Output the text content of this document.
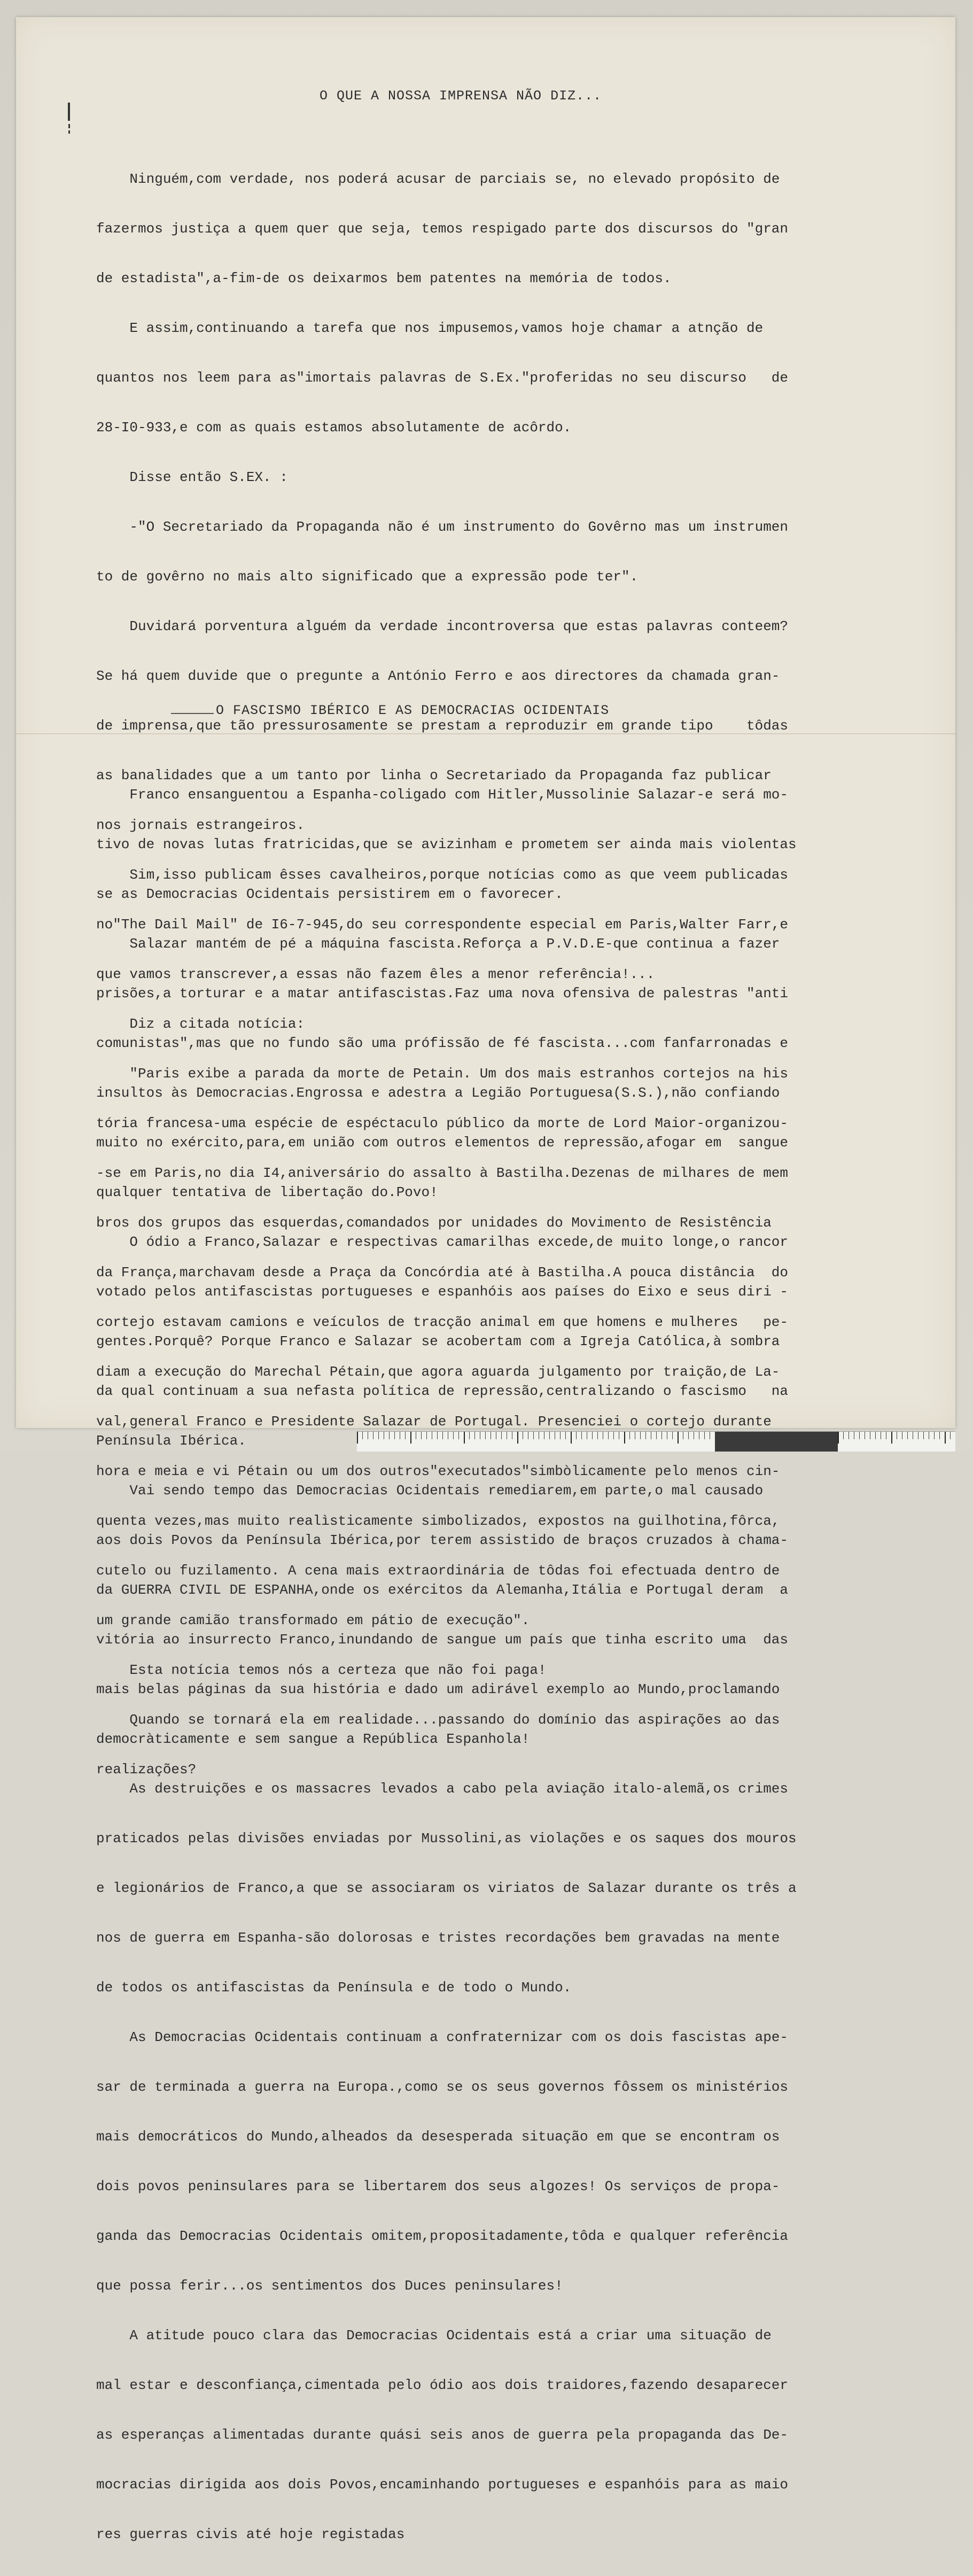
O QUE A NOSSA IMPRENSA NÃO DIZ...

Ninguém,com verdade, nos poderá acusar de parciais se, no elevado propósito de

fazermos justiça a quem quer que seja, temos respigado parte dos discursos do "gran

de estadista",a-fim-de os deixarmos bem patentes na memória de todos.

E assim,continuando a tarefa que nos impusemos,vamos hoje chamar a atnção de

quantos nos leem para as"imortais palavras de S.Ex."proferidas no seu discurso   de

28-I0-933,e com as quais estamos absolutamente de acôrdo.

Disse então S.EX. :

-"O Secretariado da Propaganda não é um instrumento do Govêrno mas um instrumen

to de govêrno no mais alto significado que a expressão pode ter".

Duvidará porventura alguém da verdade incontroversa que estas palavras conteem?

Se há quem duvide que o pregunte a António Ferro e aos directores da chamada gran-

de imprensa,que tão pressurosamente se prestam a reproduzir em grande tipo    tôdas

as banalidades que a um tanto por linha o Secretariado da Propaganda faz publicar

nos jornais estrangeiros.

Sim,isso publicam êsses cavalheiros,porque notícias como as que veem publicadas

no"The Dail Mail" de I6-7-945,do seu correspondente especial em Paris,Walter Farr,e

que vamos transcrever,a essas não fazem êles a menor referência!...

Diz a citada notícia:

"Paris exibe a parada da morte de Petain. Um dos mais estranhos cortejos na his

tória francesa-uma espécie de espéctaculo público da morte de Lord Maior-organizou-

-se em Paris,no dia I4,aniversário do assalto à Bastilha.Dezenas de milhares de mem

bros dos grupos das esquerdas,comandados por unidades do Movimento de Resistência

da França,marchavam desde a Praça da Concórdia até à Bastilha.A pouca distância  do

cortejo estavam camions e veículos de tracção animal em que homens e mulheres   pe-

diam a execução do Marechal Pétain,que agora aguarda julgamento por traição,de La-

val,general Franco e Presidente Salazar de Portugal. Presenciei o cortejo durante

hora e meia e vi Pétain ou um dos outros"executados"simbòlicamente pelo menos cin-

quenta vezes,mas muito realìsticamente simbolizados, expostos na guilhotina,fôrca,

cutelo ou fuzilamento. A cena mais extraordinária de tôdas foi efectuada dentro de

um grande camião transformado em pátio de execução".

Esta notícia temos nós a certeza que não foi paga!

Quando se tornará ela em realidade...passando do domínio das aspirações ao das

realizações?

O FASCISMO IBÉRICO E AS DEMOCRACIAS OCIDENTAIS

Franco ensanguentou a Espanha-coligado com Hitler,Mussolinie Salazar-e será mo-

tivo de novas lutas fratricidas,que se avizinham e prometem ser ainda mais violentas

se as Democracias Ocidentais persistirem em o favorecer.

Salazar mantém de pé a máquina fascista.Reforça a P.V.D.E-que continua a fazer

prisões,a torturar e a matar antifascistas.Faz uma nova ofensiva de palestras "anti

comunistas",mas que no fundo são uma prófissão de fé fascista...com fanfarronadas e

insultos às Democracias.Engrossa e adestra a Legião Portuguesa(S.S.),não confiando

muito no exército,para,em união com outros elementos de repressão,afogar em  sangue

qualquer tentativa de libertação do.Povo!

O ódio a Franco,Salazar e respectivas camarilhas excede,de muito longe,o rancor

votado pelos antifascistas portugueses e espanhóis aos países do Eixo e seus diri -

gentes.Porquê? Porque Franco e Salazar se acobertam com a Igreja Católica,à sombra

da qual continuam a sua nefasta política de repressão,centralizando o fascismo   na

Península Ibérica.

Vai sendo tempo das Democracias Ocidentais remediarem,em parte,o mal causado

aos dois Povos da Península Ibérica,por terem assistido de braços cruzados à chama-

da GUERRA CIVIL DE ESPANHA,onde os exércitos da Alemanha,Itália e Portugal deram  a

vitória ao insurrecto Franco,inundando de sangue um país que tinha escrito uma  das

mais belas páginas da sua história e dado um adirável exemplo ao Mundo,proclamando

democràticamente e sem sangue a República Espanhola!

As destruições e os massacres levados a cabo pela aviação italo-alemã,os crimes

praticados pelas divisões enviadas por Mussolini,as violações e os saques dos mouros

e legionários de Franco,a que se associaram os viriatos de Salazar durante os três a

nos de guerra em Espanha-são dolorosas e tristes recordações bem gravadas na mente

de todos os antifascistas da Península e de todo o Mundo.

As Democracias Ocidentais continuam a confraternizar com os dois fascistas ape-

sar de terminada a guerra na Europa.,como se os seus governos fôssem os ministérios

mais democráticos do Mundo,alheados da desesperada situação em que se encontram os

dois povos peninsulares para se libertarem dos seus algozes! Os serviços de propa-

ganda das Democracias Ocidentais omitem,propositadamente,tôda e qualquer referência

que possa ferir...os sentimentos dos Duces peninsulares!

A atitude pouco clara das Democracias Ocidentais está a criar uma situação de

mal estar e desconfiança,cimentada pelo ódio aos dois traidores,fazendo desaparecer

as esperanças alimentadas durante quási seis anos de guerra pela propaganda das De-

mocracias dirigida aos dois Povos,encaminhando portugueses e espanhóis para as maio

res guerras civis até hoje registadas
